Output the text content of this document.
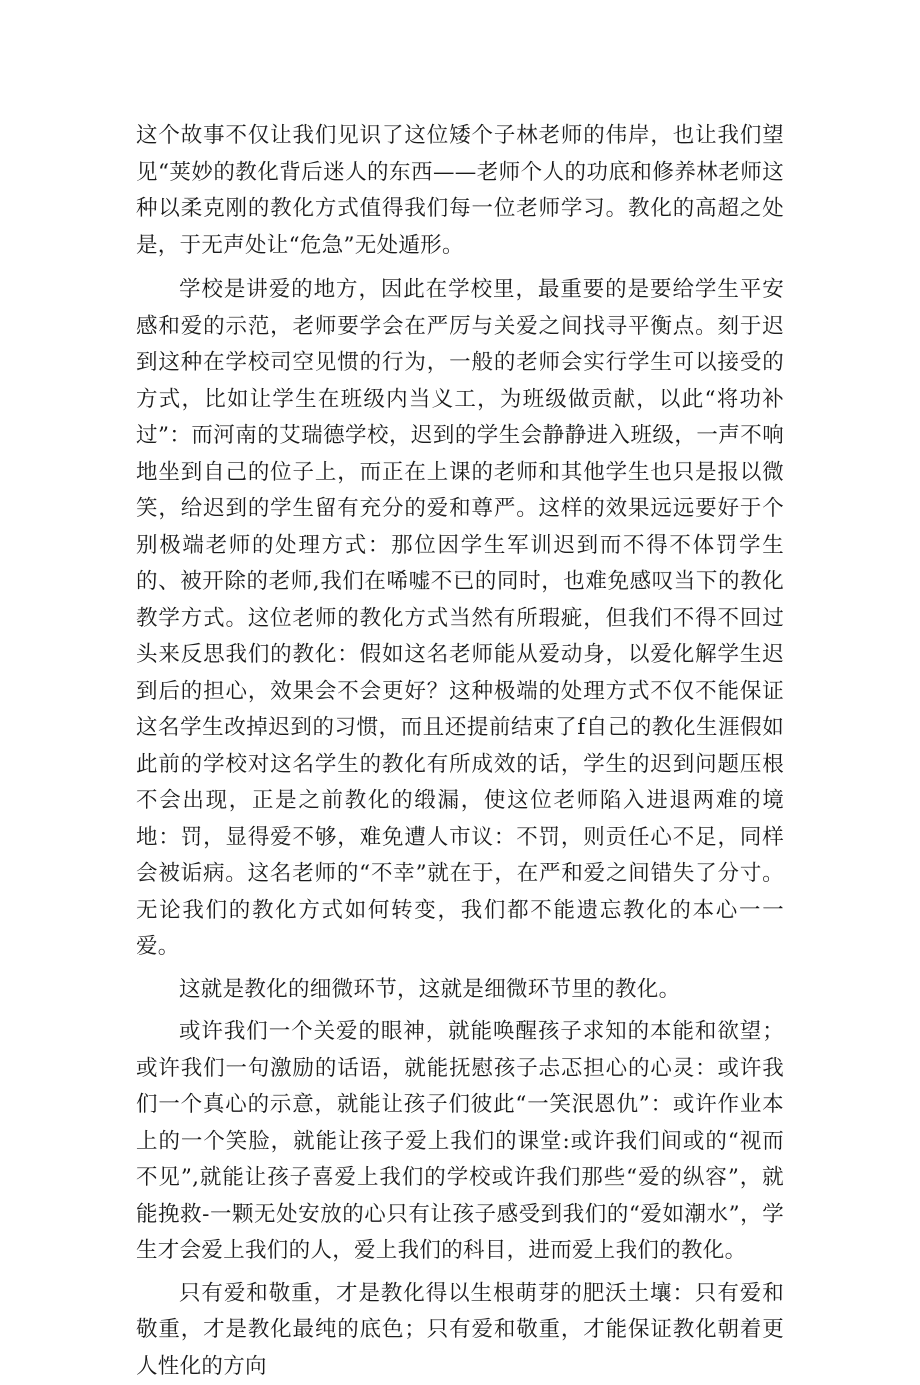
这个故事不仅让我们见识了这位矮个子林老师的伟岸，也让我们望见“荚妙的教化背后迷人的东西——老师个人的功底和修养林老师这种以柔克刚的教化方式值得我们每一位老师学习。教化的高超之处是，于无声处让“危急”无处遁形。

学校是讲爱的地方，因此在学校里，最重要的是要给学生平安感和爱的示范，老师要学会在严厉与关爱之间找寻平衡点。刻于迟到这种在学校司空见惯的行为，一般的老师会实行学生可以接受的方式，比如让学生在班级内当义工，为班级做贡献，以此“将功补过”：而河南的艾瑞德学校，迟到的学生会静静进入班级，一声不响地坐到自己的位子上，而正在上课的老师和其他学生也只是报以微笑，给迟到的学生留有充分的爱和尊严。这样的效果远远要好于个别极端老师的处理方式：那位因学生军训迟到而不得不体罚学生的、被开除的老师,我们在唏嘘不已的同时，也难免感叹当下的教化教学方式。这位老师的教化方式当然有所瑕疵，但我们不得不回过头来反思我们的教化：假如这名老师能从爱动身，以爱化解学生迟到后的担心，效果会不会更好？这种极端的处理方式不仅不能保证这名学生改掉迟到的习惯，而且还提前结束了f自己的教化生涯假如此前的学校对这名学生的教化有所成效的话，学生的迟到问题压根不会出现，正是之前教化的缎漏，使这位老师陷入进退两难的境地：罚，显得爱不够，难免遭人市议：不罚，则贡任心不足，同样会被诟病。这名老师的“不幸”就在于，在严和爱之间错失了分寸。无论我们的教化方式如何转变，我们都不能遗忘教化的本心一一爱。

这就是教化的细微环节，这就是细微环节里的教化。

或许我们一个关爱的眼神，就能唤醒孩子求知的本能和欲望；或许我们一句激励的话语，就能抚慰孩子忐忑担心的心灵：或许我们一个真心的示意，就能让孩子们彼此“一笑泯恩仇”：或许作业本上的一个笑脸，就能让孩子爱上我们的课堂:或许我们间或的“视而不见”,就能让孩子喜爱上我们的学校或许我们那些“爱的纵容”，就能挽救-一颗无处安放的心只有让孩子感受到我们的“爱如潮水”，学生才会爱上我们的人，爱上我们的科目，进而爱上我们的教化。

只有爱和敬重，才是教化得以生根萌芽的肥沃土壤：只有爱和敬重，才是教化最纯的底色；只有爱和敬重，才能保证教化朝着更人性化的方向
